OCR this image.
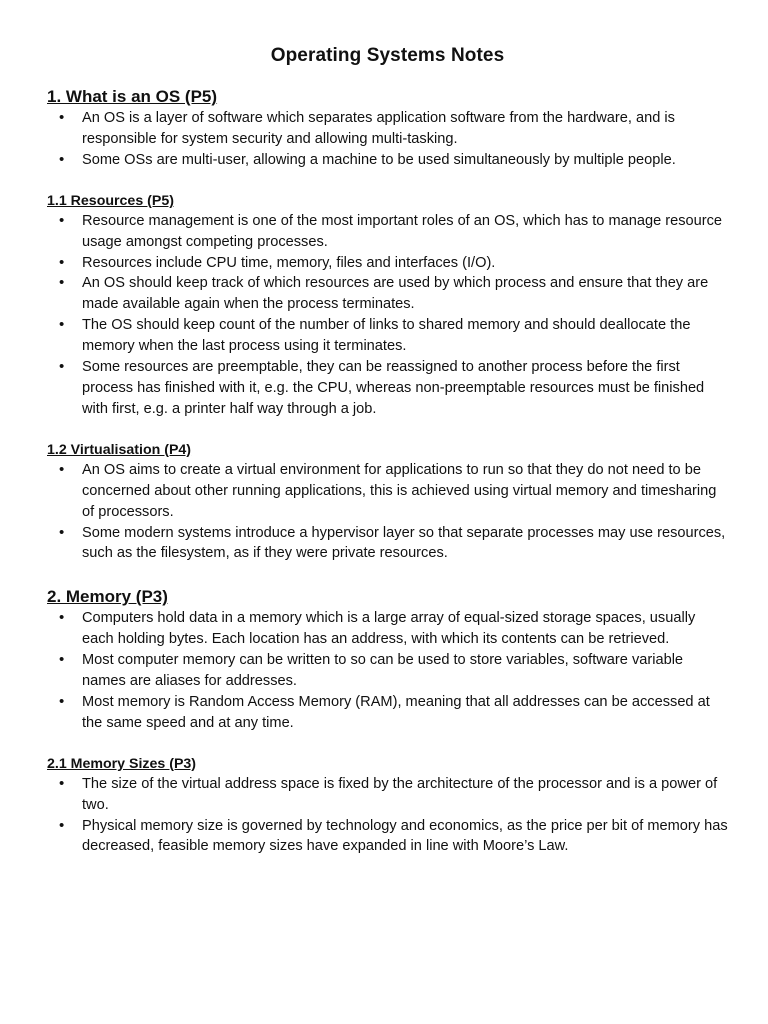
Operating Systems Notes
1. What is an OS (P5)
• An OS is a layer of software which separates application software from the hardware, and is responsible for system security and allowing multi-tasking.
• Some OSs are multi-user, allowing a machine to be used simultaneously by multiple people.
1.1 Resources (P5)
• Resource management is one of the most important roles of an OS, which has to manage resource usage amongst competing processes.
• Resources include CPU time, memory, files and interfaces (I/O).
• An OS should keep track of which resources are used by which process and ensure that they are made available again when the process terminates.
• The OS should keep count of the number of links to shared memory and should deallocate the memory when the last process using it terminates.
• Some resources are preemptable, they can be reassigned to another process before the first process has finished with it, e.g. the CPU, whereas non-preemptable resources must be finished with first, e.g. a printer half way through a job.
1.2 Virtualisation (P4)
• An OS aims to create a virtual environment for applications to run so that they do not need to be concerned about other running applications, this is achieved using virtual memory and timesharing of processors.
• Some modern systems introduce a hypervisor layer so that separate processes may use resources, such as the filesystem, as if they were private resources.
2. Memory (P3)
• Computers hold data in a memory which is a large array of equal-sized storage spaces, usually each holding bytes. Each location has an address, with which its contents can be retrieved.
• Most computer memory can be written to so can be used to store variables, software variable names are aliases for addresses.
• Most memory is Random Access Memory (RAM), meaning that all addresses can be accessed at the same speed and at any time.
2.1 Memory Sizes (P3)
• The size of the virtual address space is fixed by the architecture of the processor and is a power of two.
• Physical memory size is governed by technology and economics, as the price per bit of memory has decreased, feasible memory sizes have expanded in line with Moore’s Law.
